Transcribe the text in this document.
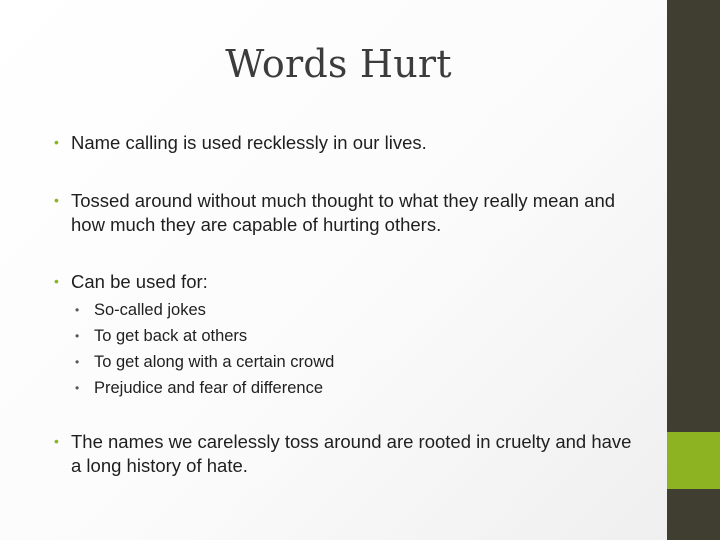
Words Hurt
• Name calling is used recklessly in our lives.
• Tossed around without much thought to what they really mean and how much they are capable of hurting others.
• Can be used for:
• So-called jokes
• To get back at others
• To get along with a certain crowd
• Prejudice and fear of difference
• The names we carelessly toss around are rooted in cruelty and have a long history of hate.
